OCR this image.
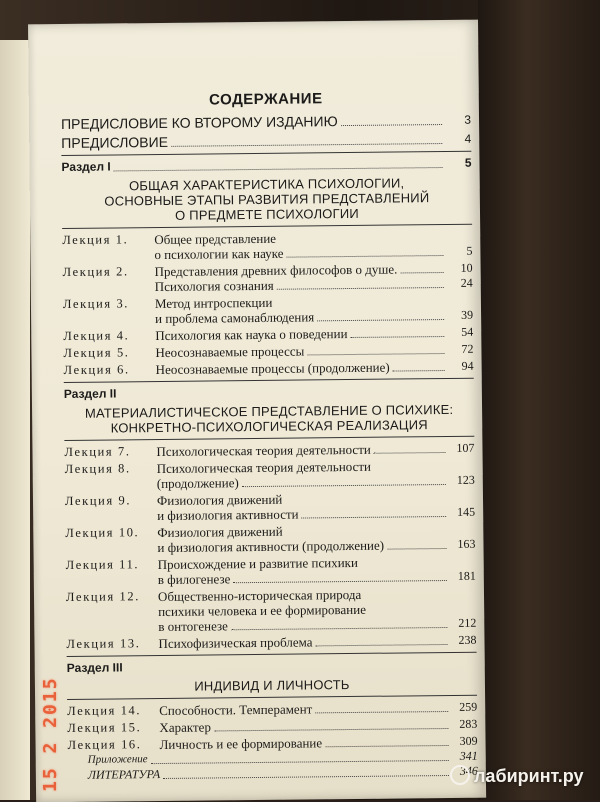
СОДЕРЖАНИЕ
ПРЕДИСЛОВИЕ КО ВТОРОМУ ИЗДАНИЮ	3
ПРЕДИСЛОВИЕ	4
Раздел I	5
ОБЩАЯ ХАРАКТЕРИСТИКА ПСИХОЛОГИИ,
ОСНОВНЫЕ ЭТАПЫ РАЗВИТИЯ ПРЕДСТАВЛЕНИЙ
О ПРЕДМЕТЕ ПСИХОЛОГИИ
Лекция 1.	Общее представление
о психологии как науке	5
Лекция 2.	Представления древних философов о душе.	10
Психология сознания	24
Лекция 3.	Метод интроспекции
и проблема самонаблюдения	39
Лекция 4.	Психология как наука о поведении	54
Лекция 5.	Неосознаваемые процессы	72
Лекция 6.	Неосознаваемые процессы (продолжение)	94
Раздел II
МАТЕРИАЛИСТИЧЕСКОЕ ПРЕДСТАВЛЕНИЕ О ПСИХИКЕ:
КОНКРЕТНО-ПСИХОЛОГИЧЕСКАЯ РЕАЛИЗАЦИЯ
Лекция 7.	Психологическая теория деятельности	107
Лекция 8.	Психологическая теория деятельности
(продолжение)	123
Лекция 9.	Физиология движений
и физиология активности	145
Лекция 10.	Физиология движений
и физиология активности (продолжение)	163
Лекция 11.	Происхождение и развитие психики
в филогенезе	181
Лекция 12.	Общественно-историческая природа
психики человека и ее формирование
в онтогенезе	212
Лекция 13.	Психофизическая проблема	238
Раздел III
ИНДИВИД И ЛИЧНОСТЬ
Лекция 14.	Способности. Темперамент	259
Лекция 15.	Характер	283
Лекция 16.	Личность и ее формирование	309
Приложение	341
ЛИТЕРАТУРА	346
15 2 2015	лабиринт.ру
